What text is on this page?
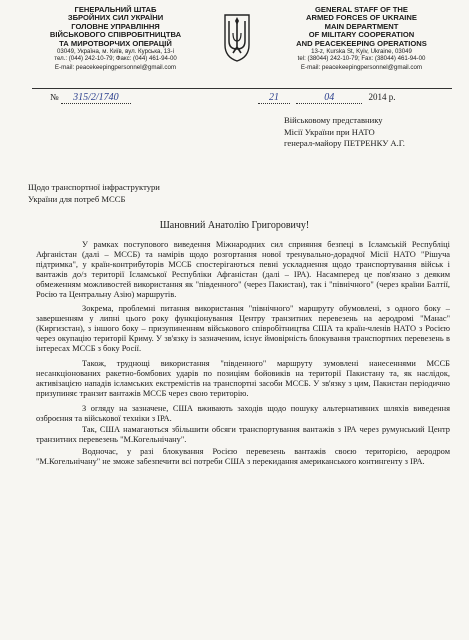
ГЕНЕРАЛЬНИЙ ШТАБ
ЗБРОЙНИХ СИЛ УКРАЇНИ
ГОЛОВНЕ УПРАВЛІННЯ
ВІЙСЬКОВОГО СПІВРОБІТНИЦТВА
ТА МИРОТВОРЧИХ ОПЕРАЦІЙ
03049, Україна, м. Київ, вул. Курська, 13-і
тел.: (044) 242-10-79; Факс: (044) 461-94-00
E-mail: peacekeepingpersonnel@gmail.com
GENERAL STAFF OF THE
ARMED FORCES OF UKRAINE
MAIN DEPARTMENT
OF MILITARY COOPERATION
AND PEACEKEEPING OPERATIONS
13-z, Kurska St, Kyiv, Ukraine, 03049
tel: (38044) 242-10-79; Fax: (38044) 461-94-00
E-mail: peacekeepingpersonnel@gmail.com
№ 315/2/1740	21	04	2014 р.
Військовому представнику
Місії України при НАТО
генерал-майору ПЕТРЕНКУ А.Г.
Щодо транспортної інфраструктури
України для потреб МССБ
Шановний Анатолію Григоровичу!

У рамках поступового виведення Міжнародних сил сприяння безпеці в Ісламській Республіці Афганістан (далі – МССБ) та намірів щодо розгортання нової тренувально-дорадчої Місії НАТО "Рішуча підтримка", у країн-контрибуторів МССБ спостерігаються певні ускладнення щодо транспортування військ і вантажів до/з території Ісламської Республіки Афганістан (далі – ІРА). Насамперед це пов'язано з деяким обмеженням можливостей використання як "південного" (через Пакистан), так і "північного" (через країни Балтії, Росію та Центральну Азію) маршрутів.

Зокрема, проблемні питання використання "північного" маршруту обумовлені, з одного боку – завершенням у липні цього року функціонування Центру транзитних перевезень на аеродромі "Манас" (Киргизстан), з іншого боку – призупиненням військового співробітництва США та країн-членів НАТО з Росією через окупацію території Криму. У зв'язку із зазначеним, існує ймовірність блокування транспортних перевезень в інтересах МССБ з боку Росії.

Також, труднощі використання "південного" маршруту зумовлені нанесеннями МССБ несанкціонованих ракетно-бомбових ударів по позиціям бойовиків на території Пакистану та, як наслідок, активізацією нападів ісламських екстремістів на транспортні засоби МССБ. У зв'язку з цим, Пакистан періодично призупиняє транзит вантажів МССБ через свою територію.

З огляду на зазначене, США вживають заходів щодо пошуку альтернативних шляхів виведення озброєння та військової техніки з ІРА.

Так, США намагаються збільшити обсяги транспортування вантажів з ІРА через румунський Центр транзитних перевезень "М.Когельнічану".

Водночас, у разі блокування Росією перевезень вантажів своєю територією, аеродром "М.Когельнічану" не зможе забезпечити всі потреби США з перекидання американського контингенту з ІРА.
